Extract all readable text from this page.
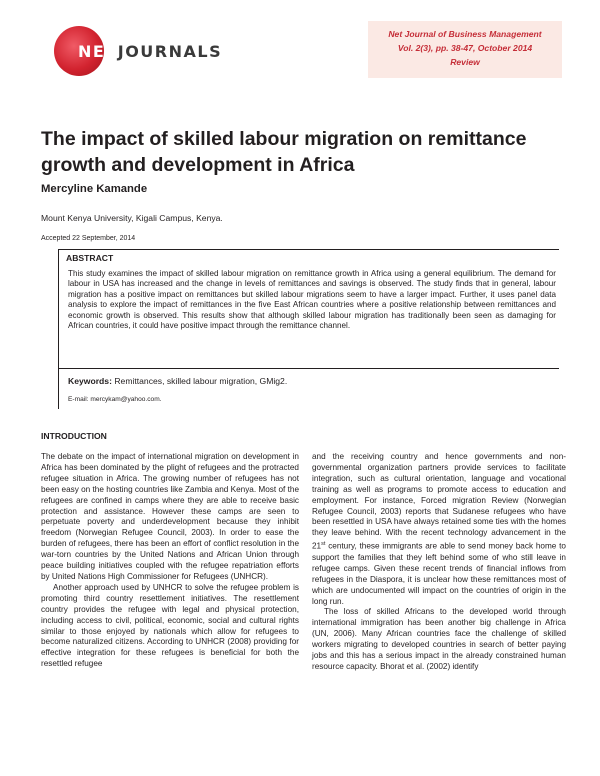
NETJOURNALS
Net Journal of Business Management
Vol. 2(3), pp. 38-47, October 2014
Review
The impact of skilled labour migration on remittance growth and development in Africa
Mercyline Kamande
Mount Kenya University, Kigali Campus, Kenya.
Accepted 22 September, 2014
ABSTRACT

This study examines the impact of skilled labour migration on remittance growth in Africa using a general equilibrium. The demand for labour in USA has increased and the change in levels of remittances and savings is observed. The study finds that in general, labour migration has a positive impact on remittances but skilled labour migrations seem to have a larger impact. Further, it uses panel data analysis to explore the impact of remittances in the five East African countries where a positive relationship between remittances and economic growth is observed. This results show that although skilled labour migration has traditionally been seen as damaging for African countries, it could have positive impact through the remittance channel.

Keywords: Remittances, skilled labour migration, GMig2.
E-mail: mercykam@yahoo.com.
INTRODUCTION

The debate on the impact of international migration on development in Africa has been dominated by the plight of refugees and the protracted refugee situation in Africa. The growing number of refugees has not been easy on the hosting countries like Zambia and Kenya. Most of the refugees are confined in camps where they are able to receive basic protection and assistance. However these camps are seen to perpetuate poverty and underdevelopment because they inhibit freedom (Norwegian Refugee Council, 2003). In order to ease the burden of refugees, there has been an effort of conflict resolution in the war-torn countries by the United Nations and African Union through peace building initiatives coupled with the refugee repatriation efforts by United Nations High Commissioner for Refugees (UNHCR).

Another approach used by UNHCR to solve the refugee problem is promoting third country resettlement initiatives. The resettlement country provides the refugee with legal and physical protection, including access to civil, political, economic, social and cultural rights similar to those enjoyed by nationals which allow for refugees to become naturalized citizens. According to UNHCR (2008) providing for effective integration for these refugees is beneficial for both the resettled refugee

and the receiving country and hence governments and non-governmental organization partners provide services to facilitate integration, such as cultural orientation, language and vocational training as well as programs to promote access to education and employment. For instance, Forced migration Review (Norwegian Refugee Council, 2003) reports that Sudanese refugees who have been resettled in USA have always retained some ties with the homes they leave behind. With the recent technology advancement in the 21st century, these immigrants are able to send money back home to support the families that they left behind some of who still leave in refugee camps. Given these recent trends of financial inflows from refugees in the Diaspora, it is unclear how these remittances most of which are undocumented will impact on the countries of origin in the long run.

The loss of skilled Africans to the developed world through international immigration has been another big challenge in Africa (UN, 2006). Many African countries face the challenge of skilled workers migrating to developed countries in search of better paying jobs and this has a serious impact in the already constrained human resource capacity. Bhorat et al. (2002) identify
